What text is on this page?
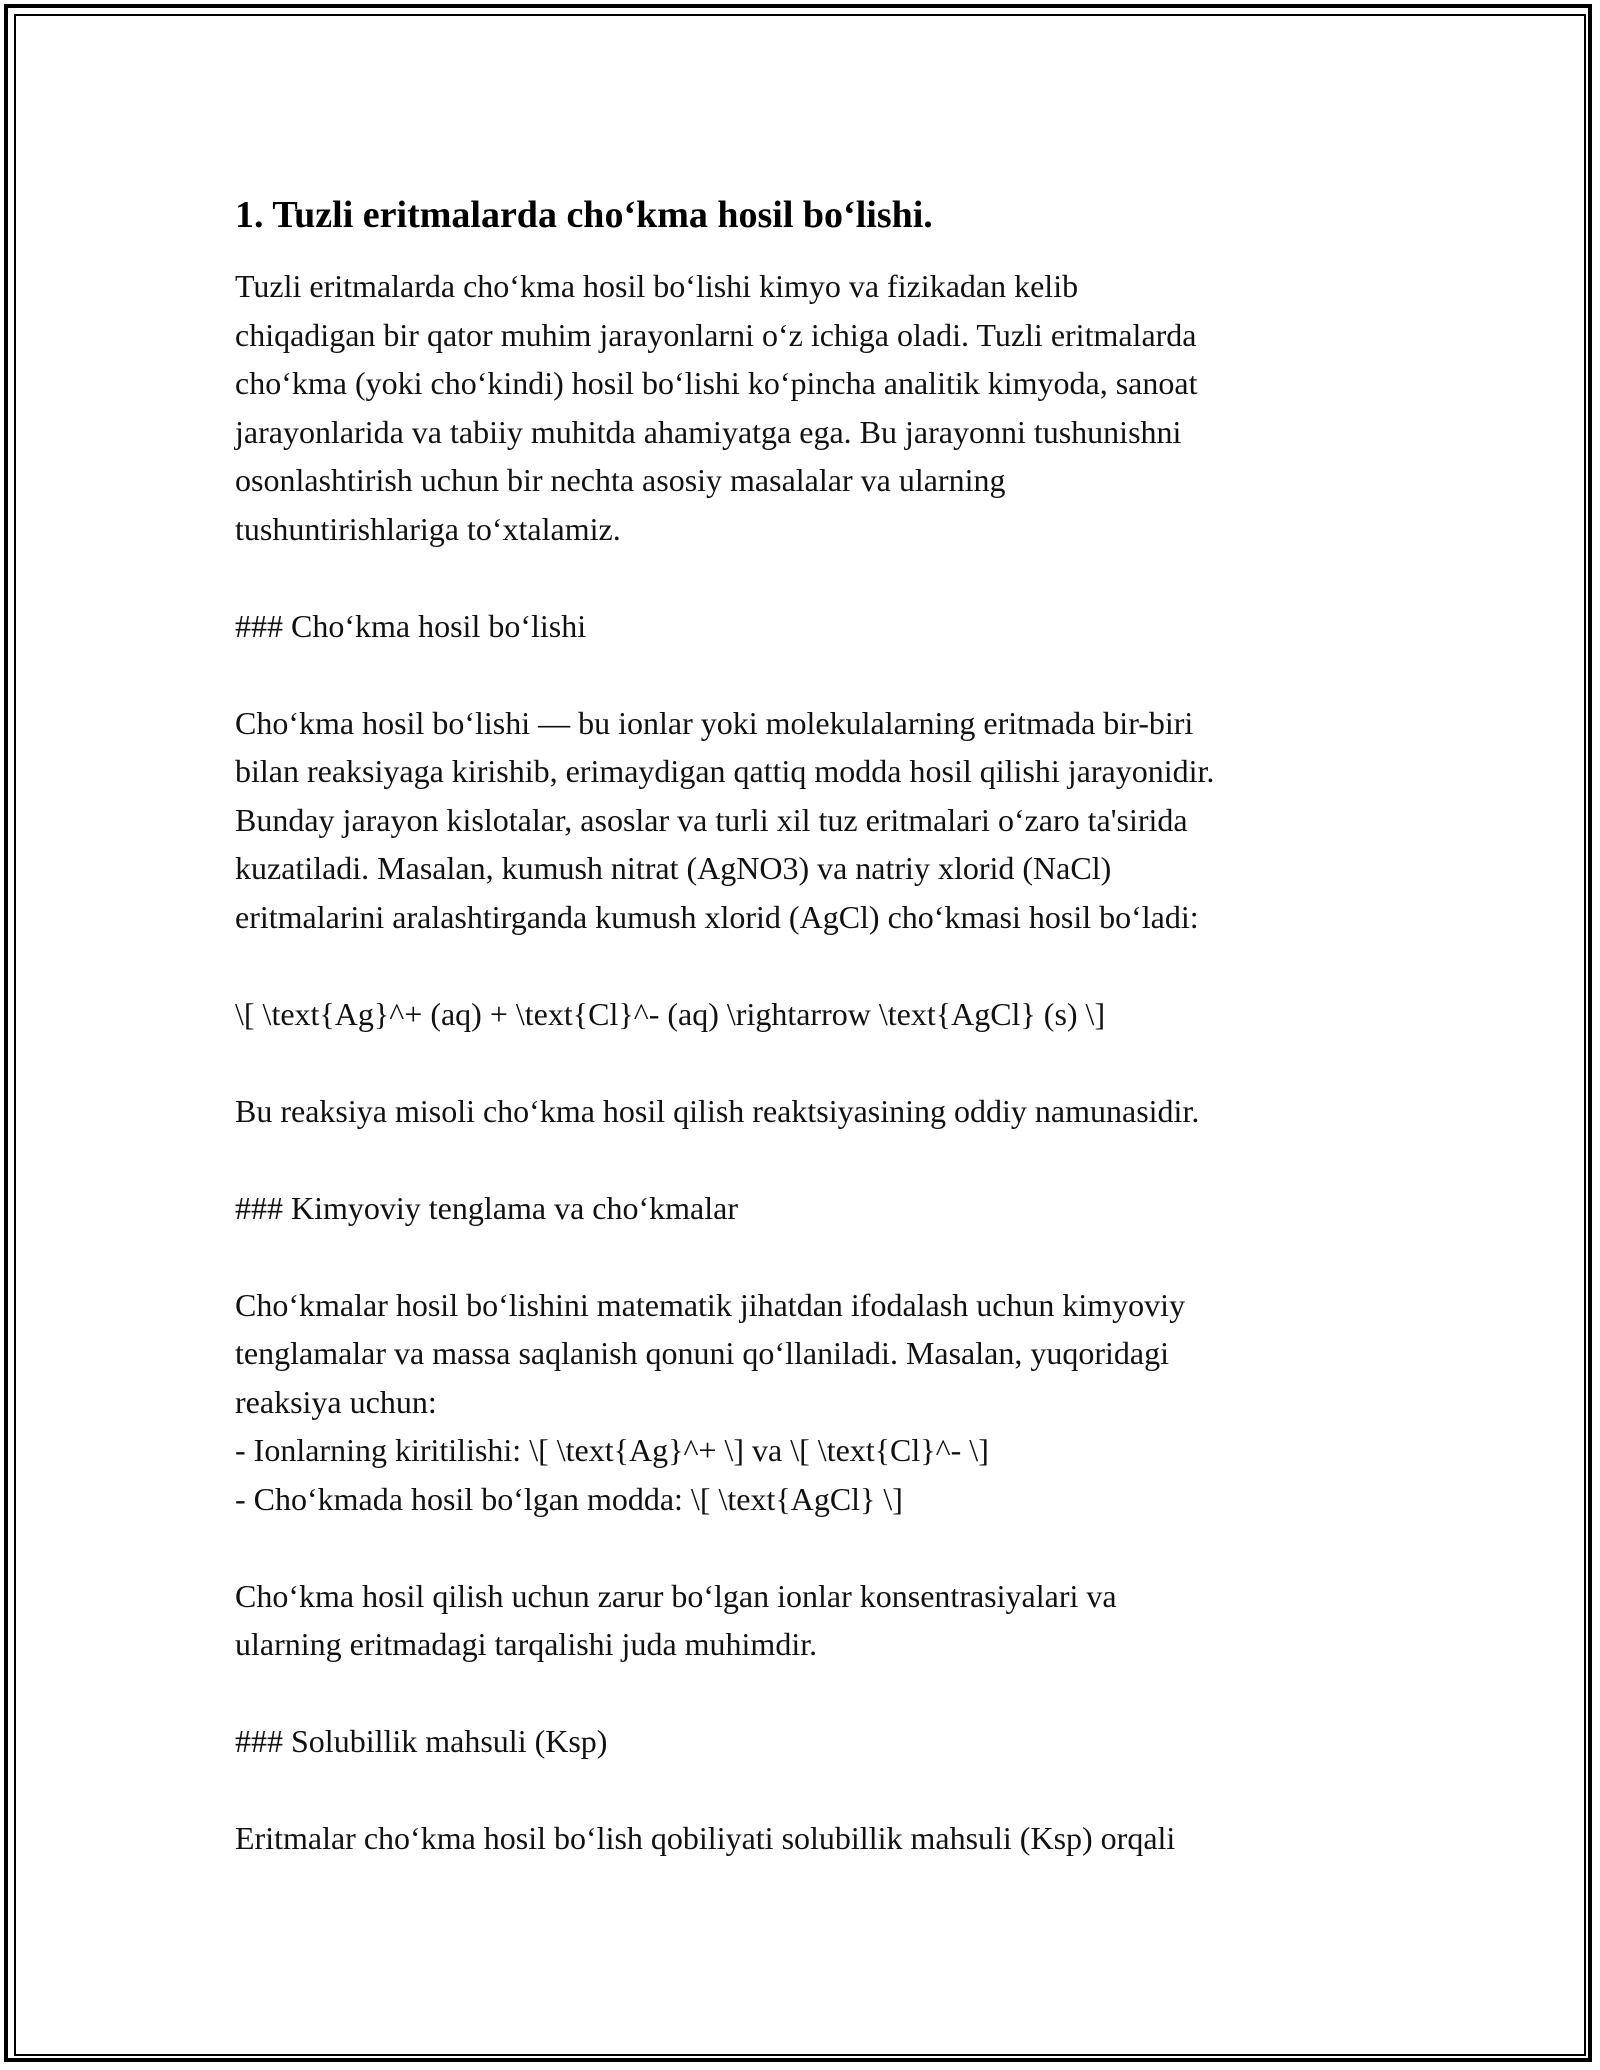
1. Tuzli eritmalarda cho‘kma hosil bo‘lishi.

Tuzli eritmalarda cho‘kma hosil bo‘lishi kimyo va fizikadan kelib
chiqadigan bir qator muhim jarayonlarni o‘z ichiga oladi. Tuzli eritmalarda
cho‘kma (yoki cho‘kindi) hosil bo‘lishi ko‘pincha analitik kimyoda, sanoat
jarayonlarida va tabiiy muhitda ahamiyatga ega. Bu jarayonni tushunishni
osonlashtirish uchun bir nechta asosiy masalalar va ularning
tushuntirishlariga to‘xtalamiz.

### Cho‘kma hosil bo‘lishi

Cho‘kma hosil bo‘lishi — bu ionlar yoki molekulalarning eritmada bir-biri
bilan reaksiyaga kirishib, erimaydigan qattiq modda hosil qilishi jarayonidir.
Bunday jarayon kislotalar, asoslar va turli xil tuz eritmalari o‘zaro ta'sirida
kuzatiladi. Masalan, kumush nitrat (AgNO3) va natriy xlorid (NaCl)
eritmalarini aralashtirganda kumush xlorid (AgCl) cho‘kmasi hosil bo‘ladi:

\[ \text{Ag}^+ (aq) + \text{Cl}^- (aq) \rightarrow \text{AgCl} (s) \]

Bu reaksiya misoli cho‘kma hosil qilish reaktsiyasining oddiy namunasidir.

### Kimyoviy tenglama va cho‘kmalar

Cho‘kmalar hosil bo‘lishini matematik jihatdan ifodalash uchun kimyoviy
tenglamalar va massa saqlanish qonuni qo‘llaniladi. Masalan, yuqoridagi
reaksiya uchun:
- Ionlarning kiritilishi: \[ \text{Ag}^+ \] va \[ \text{Cl}^- \]
- Cho‘kmada hosil bo‘lgan modda: \[ \text{AgCl} \]

Cho‘kma hosil qilish uchun zarur bo‘lgan ionlar konsentrasiyalari va
ularning eritmadagi tarqalishi juda muhimdir.

### Solubillik mahsuli (Ksp)

Eritmalar cho‘kma hosil bo‘lish qobiliyati solubillik mahsuli (Ksp) orqali
